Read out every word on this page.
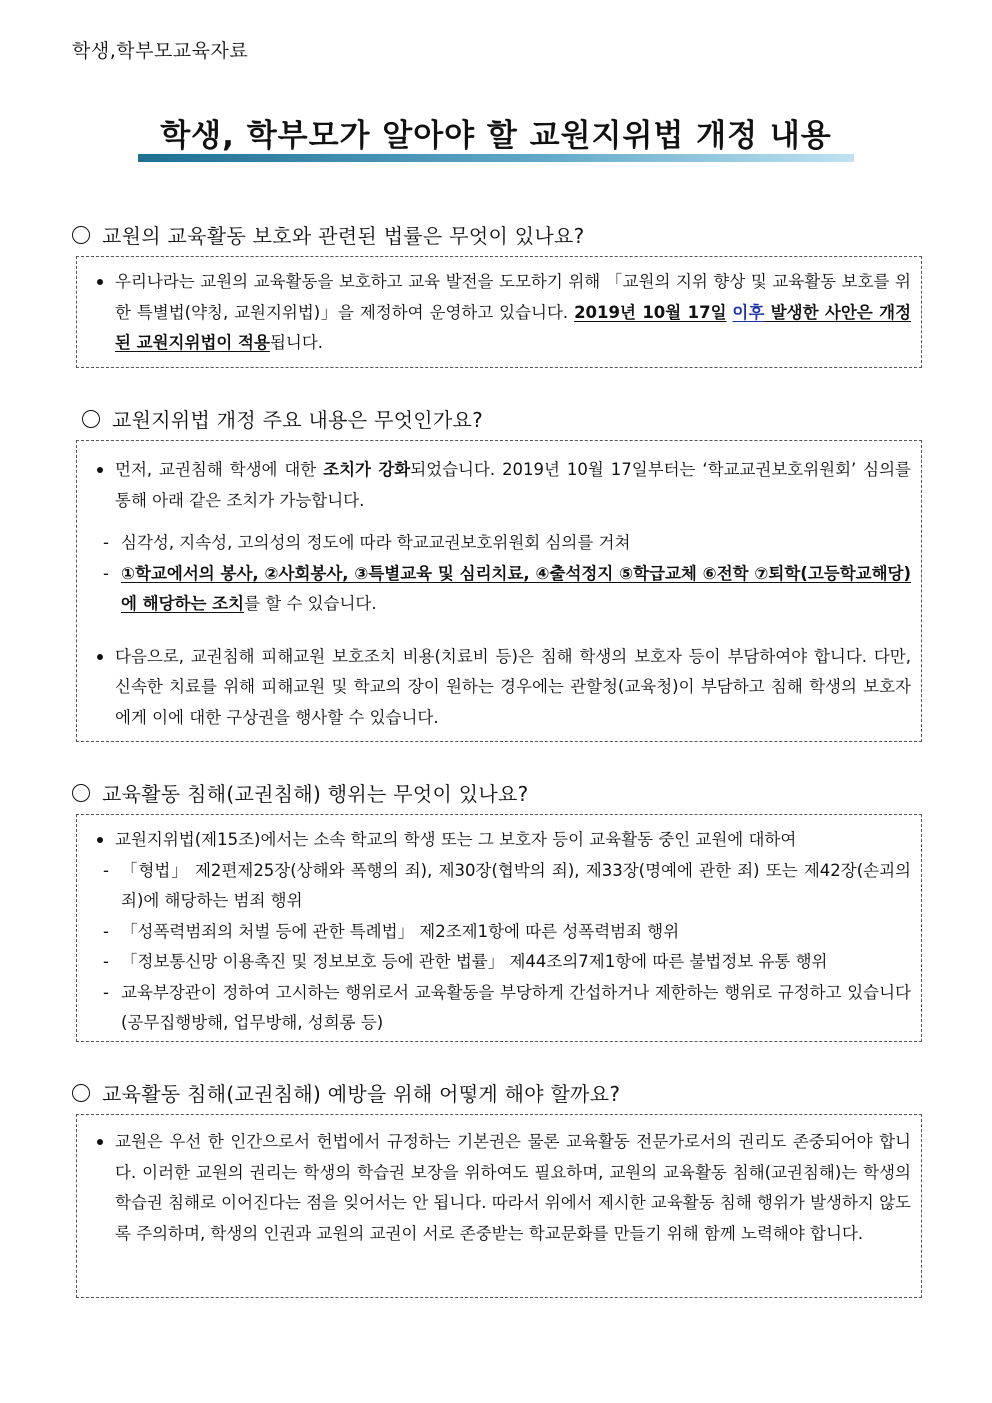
학생,학부모교육자료
학생, 학부모가 알아야 할 교원지위법 개정 내용
교원의 교육활동 보호와 관련된 법률은 무엇이 있나요?

우리나라는 교원의 교육활동을 보호하고 교육 발전을 도모하기 위해 「교원의 지위 향상 및 교육활동 보호를 위한 특별법(약칭, 교원지위법)」을 제정하여 운영하고 있습니다. 2019년 10월 17일 이후 발생한 사안은 개정된 교원지위법이 적용됩니다.

교원지위법 개정 주요 내용은 무엇인가요?

먼저, 교권침해 학생에 대한 조치가 강화되었습니다. 2019년 10월 17일부터는 ‘학교교권보호위원회’ 심의를 통해 아래 같은 조치가 가능합니다.

- 심각성, 지속성, 고의성의 정도에 따라 학교교권보호위원회 심의를 거쳐

- ①학교에서의 봉사, ②사회봉사, ③특별교육 및 심리치료, ④출석정지 ⑤학급교체 ⑥전학 ⑦퇴학(고등학교해당)에 해당하는 조치를 할 수 있습니다.

다음으로, 교권침해 피해교원 보호조치 비용(치료비 등)은 침해 학생의 보호자 등이 부담하여야 합니다. 다만, 신속한 치료를 위해 피해교원 및 학교의 장이 원하는 경우에는 관할청(교육청)이 부담하고 침해 학생의 보호자에게 이에 대한 구상권을 행사할 수 있습니다.

교육활동 침해(교권침해) 행위는 무엇이 있나요?

교원지위법(제15조)에서는 소속 학교의 학생 또는 그 보호자 등이 교육활동 중인 교원에 대하여

- 「형법」 제2편제25장(상해와 폭행의 죄), 제30장(협박의 죄), 제33장(명예에 관한 죄) 또는 제42장(손괴의 죄)에 해당하는 범죄 행위

- 「성폭력범죄의 처벌 등에 관한 특례법」 제2조제1항에 따른 성폭력범죄 행위

- 「정보통신망 이용촉진 및 정보보호 등에 관한 법률」 제44조의7제1항에 따른 불법정보 유통 행위

- 교육부장관이 정하여 고시하는 행위로서 교육활동을 부당하게 간섭하거나 제한하는 행위로 규정하고 있습니다(공무집행방해, 업무방해, 성희롱 등)

교육활동 침해(교권침해) 예방을 위해 어떻게 해야 할까요?

교원은 우선 한 인간으로서 헌법에서 규정하는 기본권은 물론 교육활동 전문가로서의 권리도 존중되어야 합니다. 이러한 교원의 권리는 학생의 학습권 보장을 위하여도 필요하며, 교원의 교육활동 침해(교권침해)는 학생의 학습권 침해로 이어진다는 점을 잊어서는 안 됩니다. 따라서 위에서 제시한 교육활동 침해 행위가 발생하지 않도록 주의하며, 학생의 인권과 교원의 교권이 서로 존중받는 학교문화를 만들기 위해 함께 노력해야 합니다.
